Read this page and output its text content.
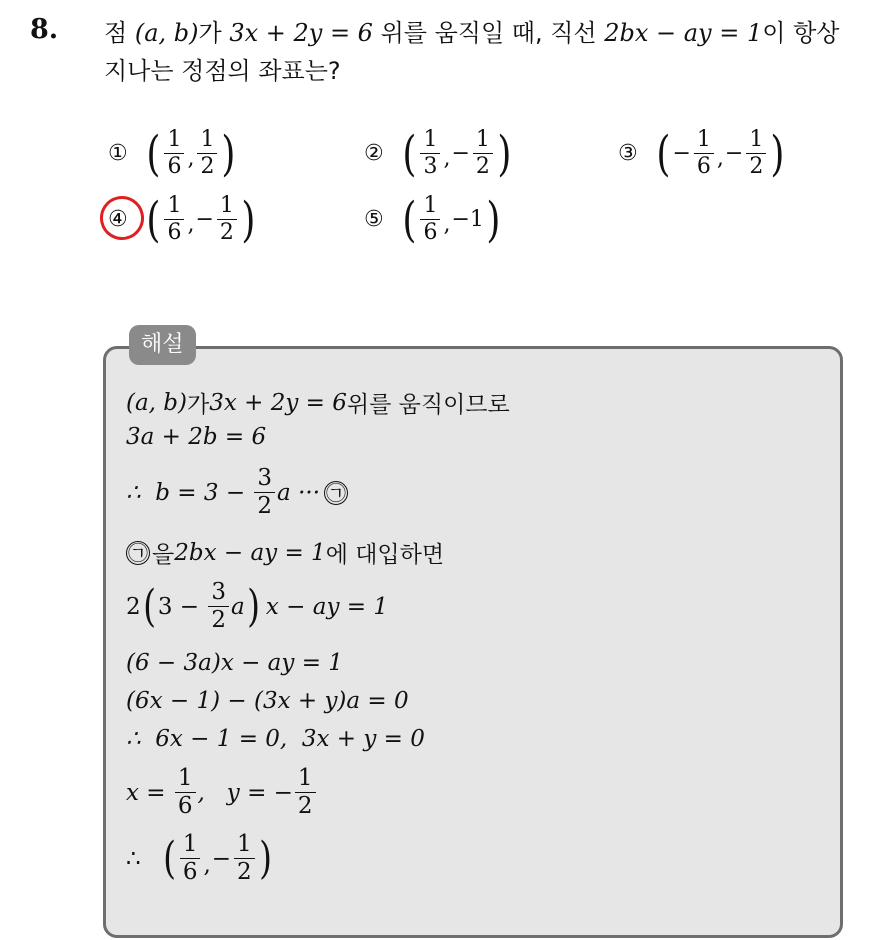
8. 점 (a, b)가 3x + 2y = 6 위를 움직일 때, 직선 2bx − ay = 1이 항상
지나는 정점의 좌표는?
① ( $\frac{1}{6}$ , $\frac{1}{2}$ )	② ( $\frac{1}{3}$ , − $\frac{1}{2}$ )	③ ( − $\frac{1}{6}$ , − $\frac{1}{2}$ )
④ ( $\frac{1}{6}$ , − $\frac{1}{2}$ )	⑤ ( $\frac{1}{6}$ , −1 )
해설
(a, b) 가 3x + 2y = 6 위를 움직이므로
3a + 2b = 6
∴  $b = 3 - \frac{3}{2}$ a ··· ㉠
㉠ 을 2bx − ay = 1 에 대입하면
2 ( $3 - \frac{3}{2}$ a ) x − ay = 1
(6 − 3a)x − ay = 1
(6x − 1) − (3x + y)a = 0
∴  6x − 1 = 0,  3x + y = 0
$x = \frac{1}{6}$ ,   y = − $\frac{1}{2}$
∴ ( $\frac{1}{6}$ , − $\frac{1}{2}$ )
